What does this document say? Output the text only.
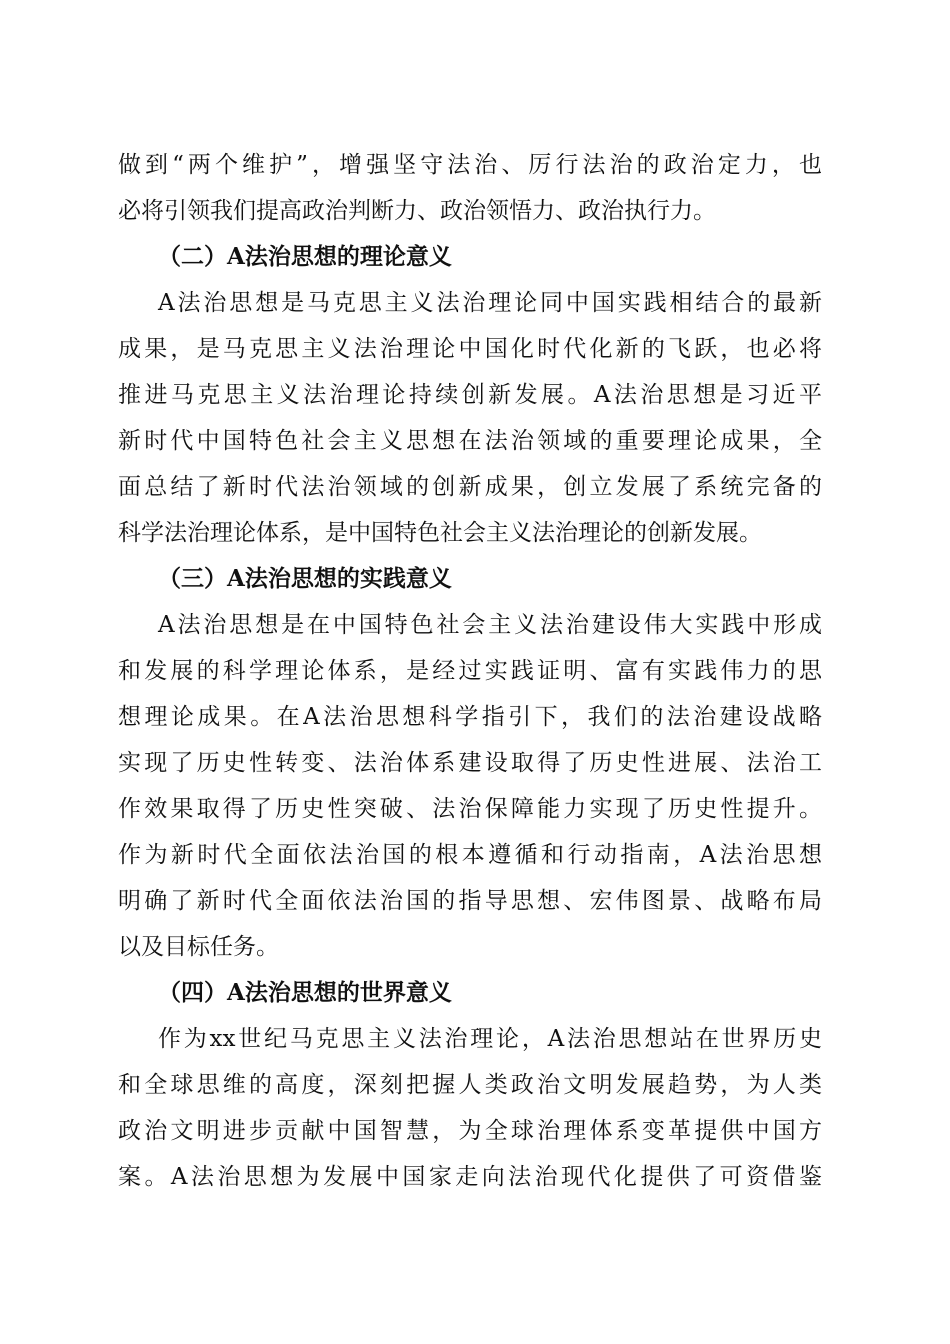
做到“两个维护”，增强坚守法治、厉行法治的政治定力，也
必将引领我们提高政治判断力、政治领悟力、政治执行力。
（二）A法治思想的理论意义
A法治思想是马克思主义法治理论同中国实践相结合的最新
成果，是马克思主义法治理论中国化时代化新的飞跃，也必将
推进马克思主义法治理论持续创新发展。A法治思想是习近平
新时代中国特色社会主义思想在法治领域的重要理论成果，全
面总结了新时代法治领域的创新成果，创立发展了系统完备的
科学法治理论体系，是中国特色社会主义法治理论的创新发展。
（三）A法治思想的实践意义
A法治思想是在中国特色社会主义法治建设伟大实践中形成
和发展的科学理论体系，是经过实践证明、富有实践伟力的思
想理论成果。在A法治思想科学指引下，我们的法治建设战略
实现了历史性转变、法治体系建设取得了历史性进展、法治工
作效果取得了历史性突破、法治保障能力实现了历史性提升。
作为新时代全面依法治国的根本遵循和行动指南，A法治思想
明确了新时代全面依法治国的指导思想、宏伟图景、战略布局
以及目标任务。
（四）A法治思想的世界意义
作为xx世纪马克思主义法治理论，A法治思想站在世界历史
和全球思维的高度，深刻把握人类政治文明发展趋势，为人类
政治文明进步贡献中国智慧，为全球治理体系变革提供中国方
案。A法治思想为发展中国家走向法治现代化提供了可资借鉴
